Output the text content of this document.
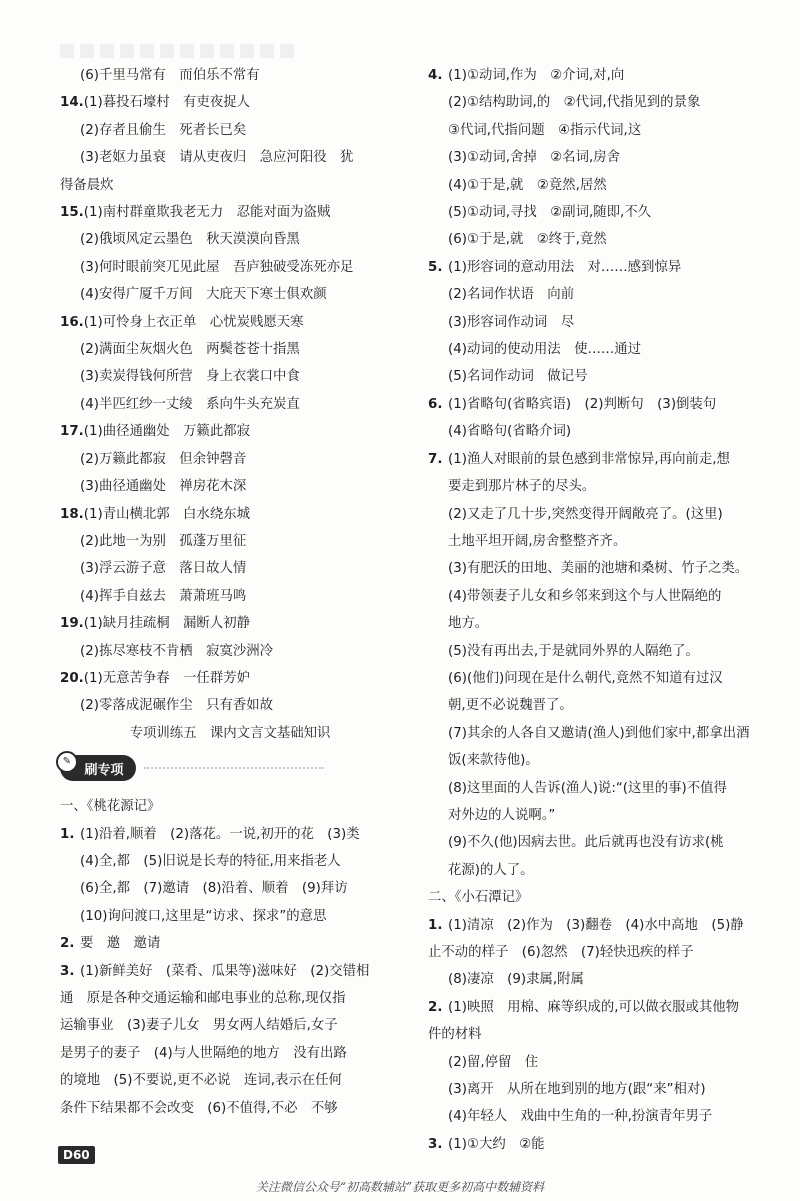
(6)千里马常有　而伯乐不常有
14.(1)暮投石壕村　有吏夜捉人
(2)存者且偷生　死者长已矣
(3)老妪力虽衰　请从吏夜归　急应河阳役　犹
得备晨炊
15.(1)南村群童欺我老无力　忍能对面为盗贼
(2)俄顷风定云墨色　秋天漠漠向昏黑
(3)何时眼前突兀见此屋　吾庐独破受冻死亦足
(4)安得广厦千万间　大庇天下寒士俱欢颜
16.(1)可怜身上衣正单　心忧炭贱愿天寒
(2)满面尘灰烟火色　两鬓苍苍十指黑
(3)卖炭得钱何所营　身上衣裳口中食
(4)半匹红纱一丈绫　系向牛头充炭直
17.(1)曲径通幽处　万籁此都寂
(2)万籁此都寂　但余钟磬音
(3)曲径通幽处　禅房花木深
18.(1)青山横北郭　白水绕东城
(2)此地一为别　孤蓬万里征
(3)浮云游子意　落日故人情
(4)挥手自兹去　萧萧班马鸣
19.(1)缺月挂疏桐　漏断人初静
(2)拣尽寒枝不肯栖　寂寞沙洲冷
20.(1)无意苦争春　一任群芳妒
(2)零落成泥碾作尘　只有香如故
专项训练五　课内文言文基础知识
✎
刷专项
一、《桃花源记》
1. (1)沿着,顺着　(2)落花。一说,初开的花　(3)类
(4)全,都　(5)旧说是长寿的特征,用来指老人
(6)全,都　(7)邀请　(8)沿着、顺着　(9)拜访
(10)询问渡口,这里是“访求、探求”的意思
2. 要　邀　邀请
3. (1)新鲜美好　(菜肴、瓜果等)滋味好　(2)交错相
通　原是各种交通运输和邮电事业的总称,现仅指
运输事业　(3)妻子儿女　男女两人结婚后,女子
是男子的妻子　(4)与人世隔绝的地方　没有出路
的境地　(5)不要说,更不必说　连词,表示在任何
条件下结果都不会改变　(6)不值得,不必　不够
4. (1)①动词,作为　②介词,对,向
(2)①结构助词,的　②代词,代指见到的景象
③代词,代指问题　④指示代词,这
(3)①动词,舍掉　②名词,房舍
(4)①于是,就　②竟然,居然
(5)①动词,寻找　②副词,随即,不久
(6)①于是,就　②终于,竟然
5. (1)形容词的意动用法　对……感到惊异
(2)名词作状语　向前
(3)形容词作动词　尽
(4)动词的使动用法　使……通过
(5)名词作动词　做记号
6. (1)省略句(省略宾语)　(2)判断句　(3)倒装句
(4)省略句(省略介词)
7. (1)渔人对眼前的景色感到非常惊异,再向前走,想
要走到那片林子的尽头。
(2)又走了几十步,突然变得开阔敞亮了。(这里)
土地平坦开阔,房舍整整齐齐。
(3)有肥沃的田地、美丽的池塘和桑树、竹子之类。
(4)带领妻子儿女和乡邻来到这个与人世隔绝的
地方。
(5)没有再出去,于是就同外界的人隔绝了。
(6)(他们)问现在是什么朝代,竟然不知道有过汉
朝,更不必说魏晋了。
(7)其余的人各自又邀请(渔人)到他们家中,都拿出酒
饭(来款待他)。
(8)这里面的人告诉(渔人)说:“(这里的事)不值得
对外边的人说啊。”
(9)不久(他)因病去世。此后就再也没有访求(桃
花源)的人了。
二、《小石潭记》
1. (1)清凉　(2)作为　(3)翻卷　(4)水中高地　(5)静
止不动的样子　(6)忽然　(7)轻快迅疾的样子
(8)凄凉　(9)隶属,附属
2. (1)映照　用棉、麻等织成的,可以做衣服或其他物
件的材料
(2)留,停留　住
(3)离开　从所在地到别的地方(跟“来”相对)
(4)年轻人　戏曲中生角的一种,扮演青年男子
3. (1)①大约　②能
D60
关注微信公众号“初高数辅站”获取更多初高中数辅资料
